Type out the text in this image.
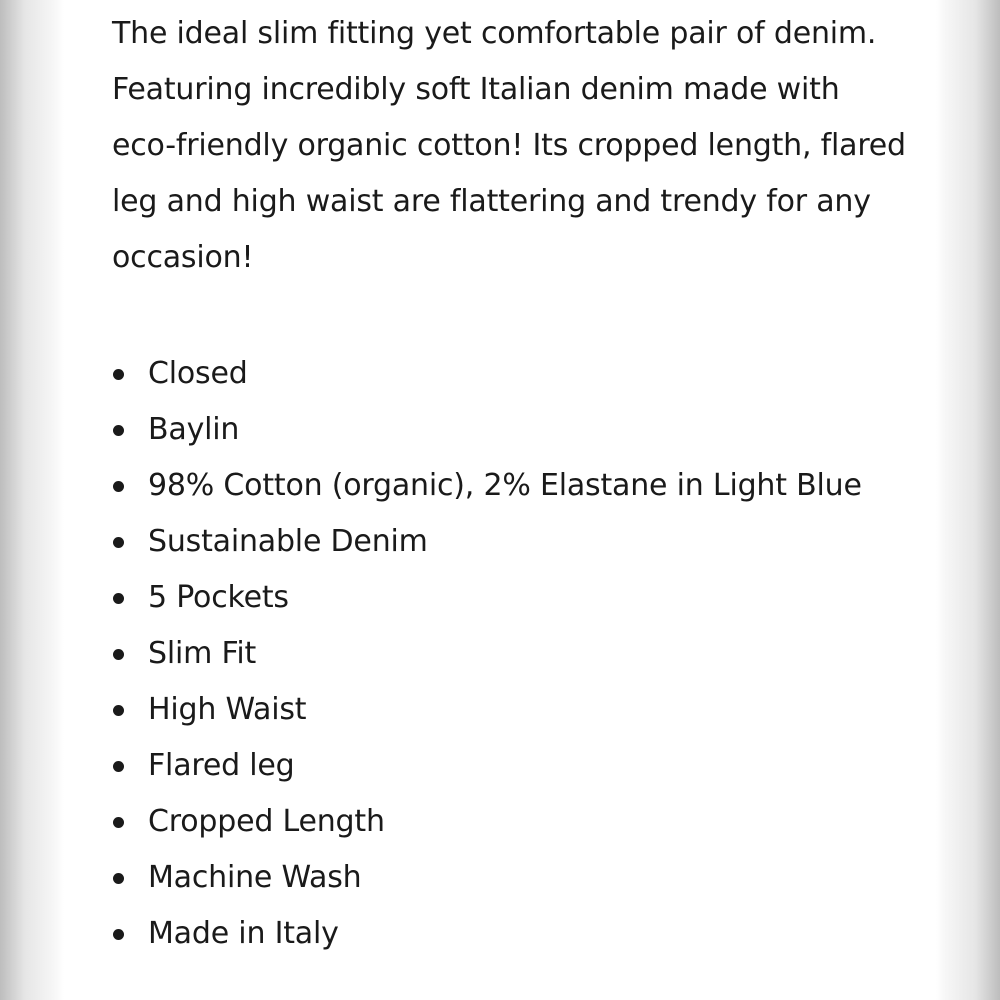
The ideal slim fitting yet comfortable pair of denim. Featuring incredibly soft Italian denim made with eco-friendly organic cotton! Its cropped length, flared leg and high waist are flattering and trendy for any occasion!

Closed
Baylin
98% Cotton (organic), 2% Elastane in Light Blue
Sustainable Denim
5 Pockets
Slim Fit
High Waist
Flared leg
Cropped Length
Machine Wash
Made in Italy
